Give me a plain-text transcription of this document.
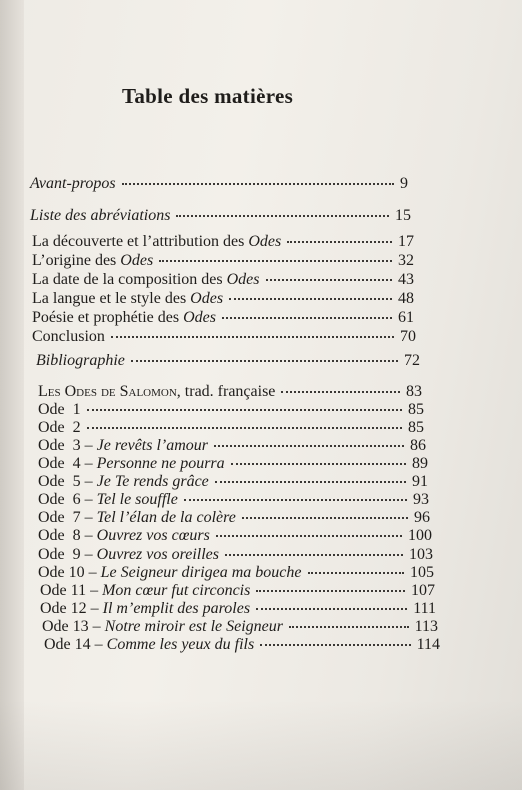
Table des matières
Avant-propos	9
Liste des abréviations	15
La découverte et l’attribution des Odes	17
L’origine des Odes	32
La date de la composition des Odes	43
La langue et le style des Odes	48
Poésie et prophétie des Odes	61
Conclusion	70
Bibliographie	72
Les Odes de Salomon, trad. française	83
Ode  1	85
Ode  2	85
Ode  3 – Je revêts l’amour	86
Ode  4 – Personne ne pourra	89
Ode  5 – Je Te rends grâce	91
Ode  6 – Tel le souffle	93
Ode  7 – Tel l’élan de la colère	96
Ode  8 – Ouvrez vos cœurs	100
Ode  9 – Ouvrez vos oreilles	103
Ode 10 – Le Seigneur dirigea ma bouche	105
Ode 11 – Mon cœur fut circoncis	107
Ode 12 – Il m’emplit des paroles	111
Ode 13 – Notre miroir est le Seigneur	113
Ode 14 – Comme les yeux du fils	114
